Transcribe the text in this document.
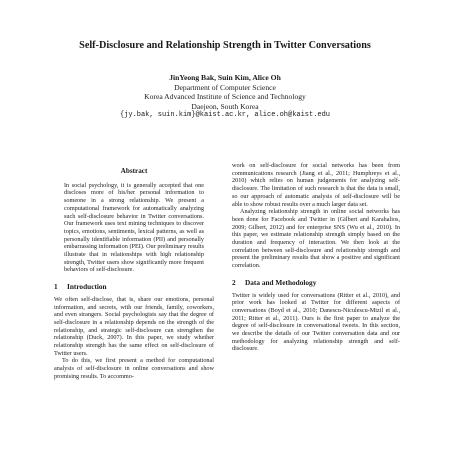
Self-Disclosure and Relationship Strength in Twitter Conversations
JinYeong Bak, Suin Kim, Alice Oh
Department of Computer Science
Korea Advanced Institute of Science and Technology
Daejeon, South Korea
{jy.bak, suin.kim}@kaist.ac.kr, alice.oh@kaist.edu
Abstract

In social psychology, it is generally accepted that one discloses more of his/her personal information to someone in a strong relationship. We present a computational framework for automatically analyzing such self-disclosure behavior in Twitter conversations. Our framework uses text mining techniques to discover topics, emotions, sentiments, lexical patterns, as well as personally identifiable information (PII) and personally embarrassing information (PEI). Our preliminary results illustrate that in relationships with high relationship strength, Twitter users show significantly more frequent behaviors of self-disclosure.

1 Introduction

We often self-disclose, that is, share our emotions, personal information, and secrets, with our friends, family, coworkers, and even strangers. Social psychologists say that the degree of self-disclosure in a relationship depends on the strength of the relationship, and strategic self-disclosure can strengthen the relationship (Duck, 2007). In this paper, we study whether relationship strength has the same effect on self-disclosure of Twitter users.

To do this, we first present a method for computational analysis of self-disclosure in online conversations and show promising results. To accommo-

work on self-disclosure for social networks has been from communications research (Jiang et al., 2011; Humphreys et al., 2010) which relies on human judgements for analyzing self-disclosure. The limitation of such research is that the data is small, so our approach of automatic analysis of self-disclosure will be able to show robust results over a much larger data set.

Analyzing relationship strength in online social networks has been done for Facebook and Twitter in (Gilbert and Karahalios, 2009; Gilbert, 2012) and for enterprise SNS (Wu et al., 2010). In this paper, we estimate relationship strength simply based on the duration and frequency of interaction. We then look at the correlation between self-disclosure and relationship strength and present the preliminary results that show a positive and significant correlation.

2 Data and Methodology

Twitter is widely used for conversations (Ritter et al., 2010), and prior work has looked at Twitter for different aspects of conversations (Boyd et al., 2010; Danescu-Niculescu-Mizil et al., 2011; Ritter et al., 2011). Ours is the first paper to analyze the degree of self-disclosure in conversational tweets. In this section, we describe the details of our Twitter conversation data and our methodology for analyzing relationship strength and self-disclosure.
